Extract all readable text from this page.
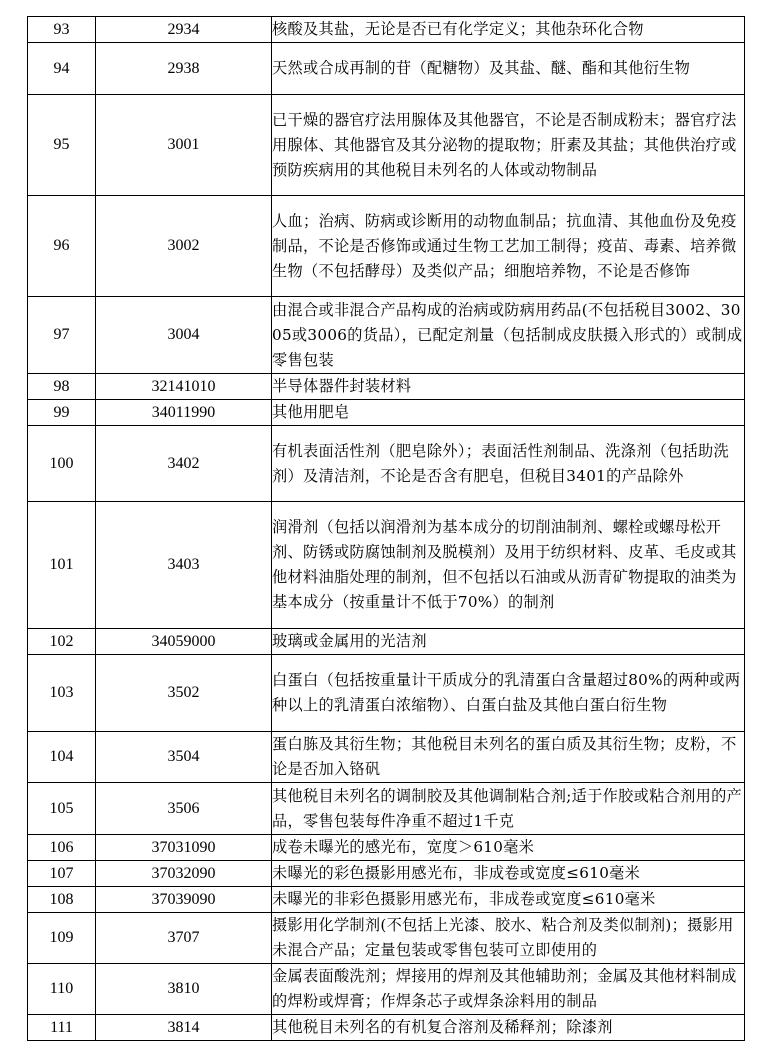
93	2934	核酸及其盐，无论是否已有化学定义；其他杂环化合物
94	2938	天然或合成再制的苷（配糖物）及其盐、醚、酯和其他衍生物
95	3001	已干燥的器官疗法用腺体及其他器官，不论是否制成粉末；器官疗法用腺体、其他器官及其分泌物的提取物；肝素及其盐；其他供治疗或预防疾病用的其他税目未列名的人体或动物制品
96	3002	人血；治病、防病或诊断用的动物血制品；抗血清、其他血份及免疫制品，不论是否修饰或通过生物工艺加工制得；疫苗、毒素、培养微生物（不包括酵母）及类似产品；细胞培养物，不论是否修饰
97	3004	由混合或非混合产品构成的治病或防病用药品(不包括税目3002、3005或3006的货品），已配定剂量（包括制成皮肤摄入形式的）或制成零售包装
98	32141010	半导体器件封装材料
99	34011990	其他用肥皂
100	3402	有机表面活性剂（肥皂除外）；表面活性剂制品、洗涤剂（包括助洗剂）及清洁剂，不论是否含有肥皂，但税目3401的产品除外
101	3403	润滑剂（包括以润滑剂为基本成分的切削油制剂、螺栓或螺母松开剂、防锈或防腐蚀制剂及脱模剂）及用于纺织材料、皮革、毛皮或其他材料油脂处理的制剂，但不包括以石油或从沥青矿物提取的油类为基本成分（按重量计不低于70%）的制剂
102	34059000	玻璃或金属用的光洁剂
103	3502	白蛋白（包括按重量计干质成分的乳清蛋白含量超过80%的两种或两种以上的乳清蛋白浓缩物）、白蛋白盐及其他白蛋白衍生物
104	3504	蛋白胨及其衍生物；其他税目未列名的蛋白质及其衍生物；皮粉，不论是否加入铬矾
105	3506	其他税目未列名的调制胶及其他调制粘合剂;适于作胶或粘合剂用的产品，零售包装每件净重不超过1千克
106	37031090	成卷未曝光的感光布，宽度＞610毫米
107	37032090	未曝光的彩色摄影用感光布，非成卷或宽度≤610毫米
108	37039090	未曝光的非彩色摄影用感光布，非成卷或宽度≤610毫米
109	3707	摄影用化学制剂(不包括上光漆、胶水、粘合剂及类似制剂)；摄影用未混合产品；定量包装或零售包装可立即使用的
110	3810	金属表面酸洗剂；焊接用的焊剂及其他辅助剂；金属及其他材料制成的焊粉或焊膏；作焊条芯子或焊条涂料用的制品
111	3814	其他税目未列名的有机复合溶剂及稀释剂；除漆剂
